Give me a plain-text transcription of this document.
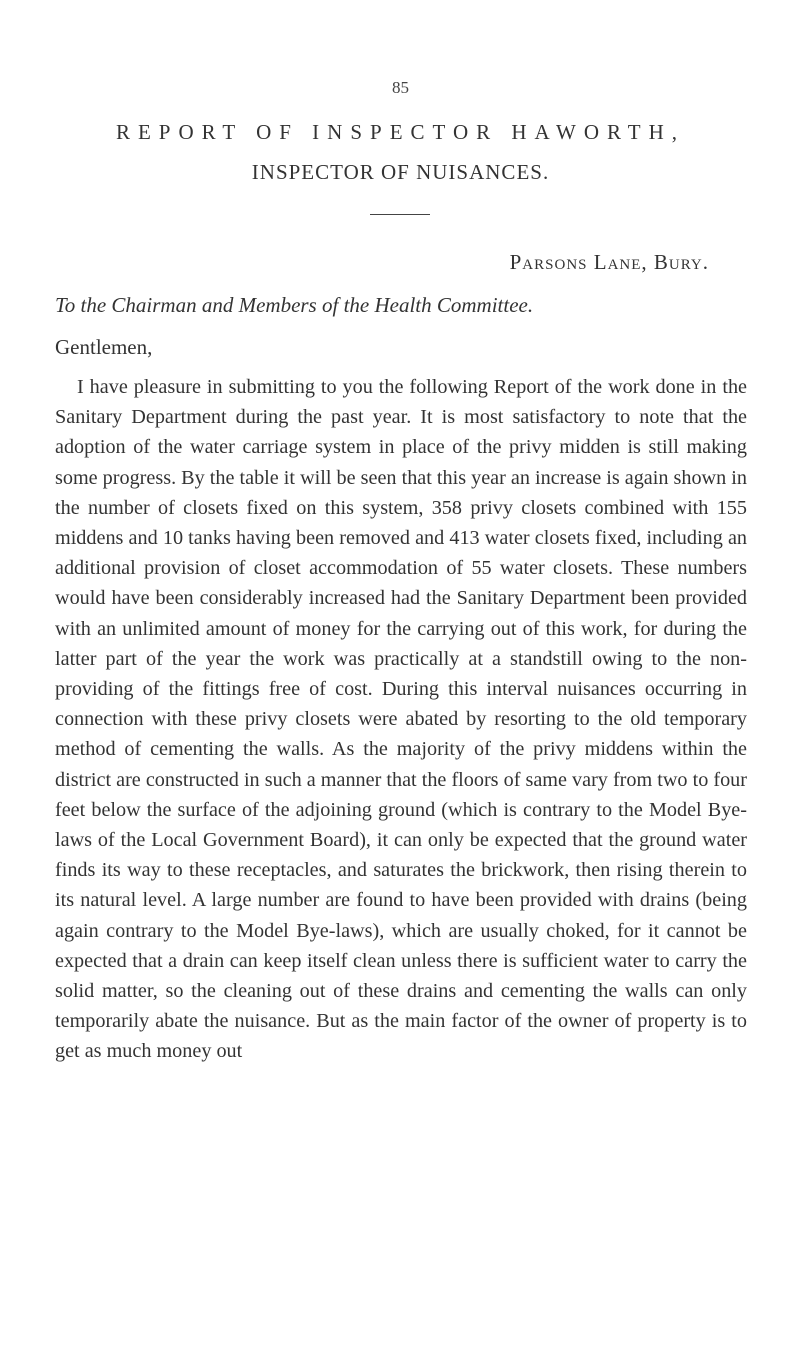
85
REPORT OF INSPECTOR HAWORTH,
INSPECTOR OF NUISANCES.
Parsons Lane, Bury.
To the Chairman and Members of the Health Committee.
Gentlemen,

I have pleasure in submitting to you the following Report of the work done in the Sanitary Department during the past year. It is most satisfactory to note that the adoption of the water carriage system in place of the privy midden is still making some progress. By the table it will be seen that this year an increase is again shown in the number of closets fixed on this system, 358 privy closets combined with 155 middens and 10 tanks having been removed and 413 water closets fixed, including an additional provision of closet accommodation of 55 water closets. These numbers would have been considerably increased had the Sanitary Department been provided with an unlimited amount of money for the carrying out of this work, for during the latter part of the year the work was practically at a standstill owing to the non-providing of the fittings free of cost. During this interval nuisances occurring in connection with these privy closets were abated by resorting to the old temporary method of cementing the walls. As the majority of the privy middens within the district are constructed in such a manner that the floors of same vary from two to four feet below the surface of the adjoining ground (which is contrary to the Model Bye-laws of the Local Government Board), it can only be expected that the ground water finds its way to these receptacles, and saturates the brickwork, then rising therein to its natural level. A large number are found to have been provided with drains (being again contrary to the Model Bye-laws), which are usually choked, for it cannot be expected that a drain can keep itself clean unless there is sufficient water to carry the solid matter, so the cleaning out of these drains and cementing the walls can only temporarily abate the nuisance. But as the main factor of the owner of property is to get as much money out
